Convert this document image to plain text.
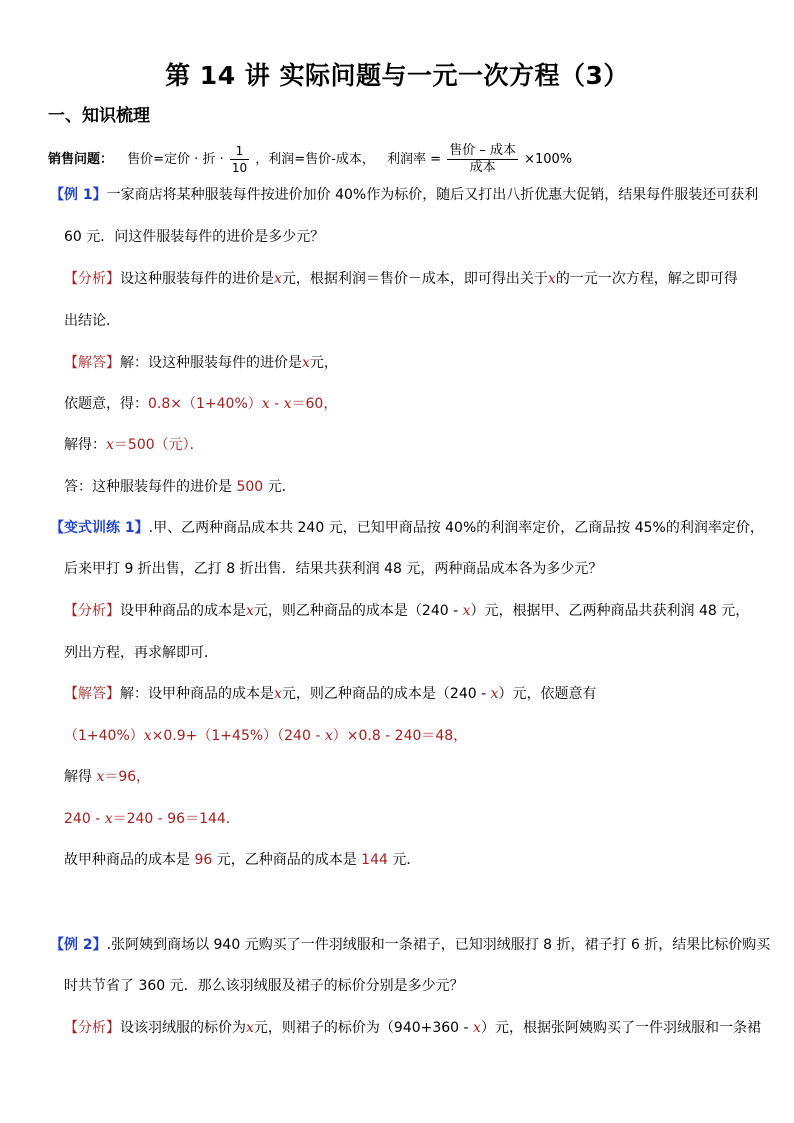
第 14 讲 实际问题与一元一次方程（3）
一、知识梳理
销售问题： 售价=定价 · 折 · $\frac{1}{10}$ ，利润=售价-成本， 利润率 = $\frac{\text{售价 – 成本}}{\text{成本}} \times 100\%$
【例 1】一家商店将某种服装每件按进价加价 40%作为标价，随后又打出八折优惠大促销，结果每件服装还可获利
60 元．问这件服装每件的进价是多少元？
【分析】设这种服装每件的进价是x元，根据利润＝售价－成本，即可得出关于x的一元一次方程，解之即可得
出结论．
【解答】解：设这种服装每件的进价是x元，
依题意，得：0.8×（1+40%）x - x＝60，
解得：x＝500（元）．
答：这种服装每件的进价是 500 元．
【变式训练 1】.甲、乙两种商品成本共 240 元，已知甲商品按 40%的利润率定价，乙商品按 45%的利润率定价，
后来甲打 9 折出售，乙打 8 折出售．结果共获利润 48 元，两种商品成本各为多少元？
【分析】设甲种商品的成本是x元，则乙种商品的成本是（240 - x）元，根据甲、乙两种商品共获利润 48 元，
列出方程，再求解即可．
【解答】解：设甲种商品的成本是x元，则乙种商品的成本是（240 - x）元，依题意有
（1+40%）x×0.9+（1+45%）（240 - x）×0.8 - 240＝48，
解得 x＝96，
240 - x＝240 - 96＝144．
故甲种商品的成本是 96 元，乙种商品的成本是 144 元．
【例 2】.张阿姨到商场以 940 元购买了一件羽绒服和一条裙子，已知羽绒服打 8 折，裙子打 6 折，结果比标价购买
时共节省了 360 元．那么该羽绒服及裙子的标价分别是多少元？
【分析】设该羽绒服的标价为x元，则裙子的标价为（940+360 - x）元，根据张阿姨购买了一件羽绒服和一条裙
